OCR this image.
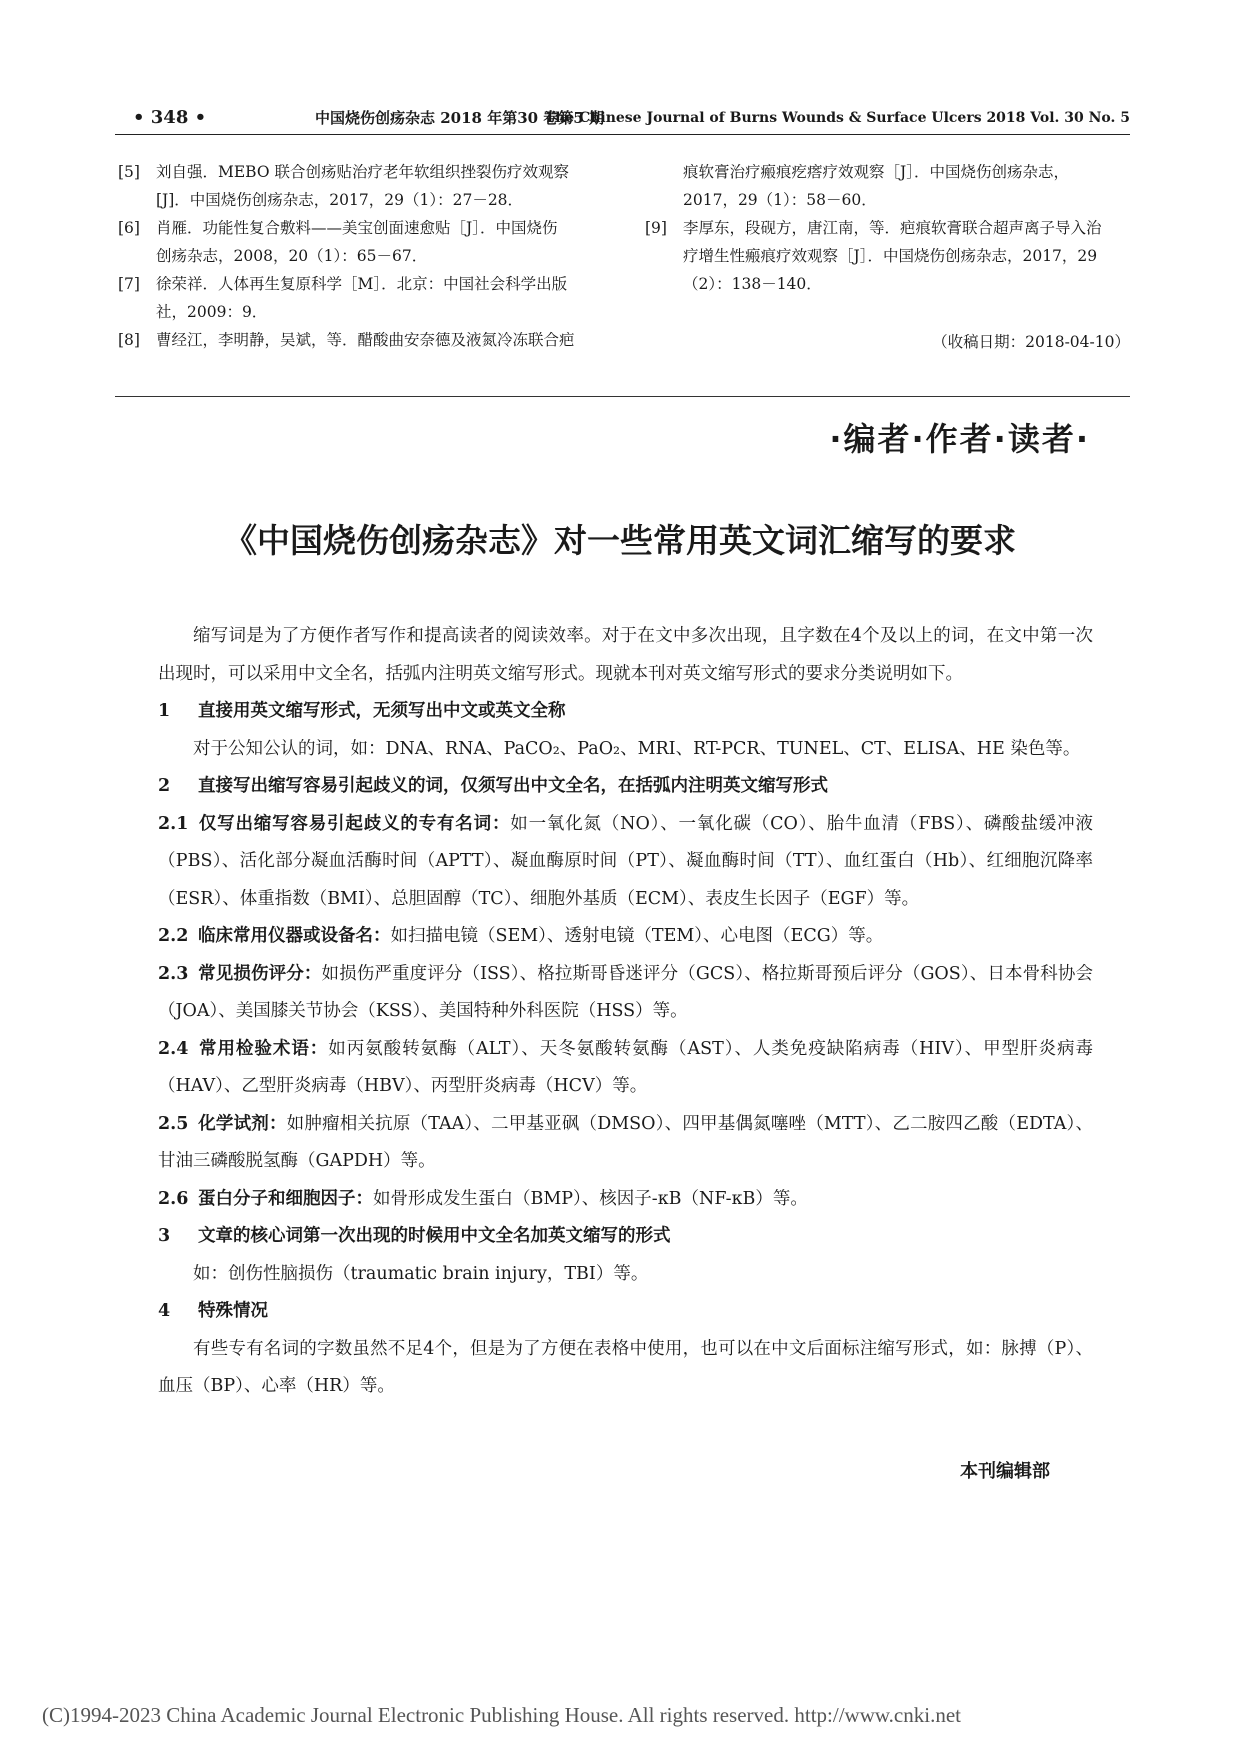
• 348 •	中国烧伤创疡杂志 2018 年第30 卷第5 期
The Chinese Journal of Burns Wounds & Surface Ulcers 2018 Vol. 30 No. 5

[5] 刘自强．MEBO 联合创疡贴治疗老年软组织挫裂伤疗效观察

[J]．中国烧伤创疡杂志，2017，29（1）：27－28．

[6] 肖雁．功能性复合敷料——美宝创面速愈贴［J］．中国烧伤

创疡杂志，2008，20（1）：65－67．

[7] 徐荣祥．人体再生复原科学［M］．北京：中国社会科学出版

社，2009：9．

[8] 曹经江，李明静，吴斌，等．醋酸曲安奈德及液氮冷冻联合疤

痕软膏治疗瘢痕疙瘩疗效观察［J］．中国烧伤创疡杂志，

2017，29（1）：58－60．

[9] 李厚东，段砚方，唐江南，等．疤痕软膏联合超声离子导入治

疗增生性瘢痕疗效观察［J］．中国烧伤创疡杂志，2017，29

（2）：138－140．

（收稿日期：2018-04-10）
·编者·作者·读者·
《中国烧伤创疡杂志》对一些常用英文词汇缩写的要求

缩写词是为了方便作者写作和提高读者的阅读效率。对于在文中多次出现，且字数在4个及以上的词，在文中第一次出现时，可以采用中文全名，括弧内注明英文缩写形式。现就本刊对英文缩写形式的要求分类说明如下。

1 直接用英文缩写形式，无须写出中文或英文全称

对于公知公认的词，如：DNA、RNA、PaCO₂、PaO₂、MRI、RT-PCR、TUNEL、CT、ELISA、HE 染色等。

2 直接写出缩写容易引起歧义的词，仅须写出中文全名，在括弧内注明英文缩写形式

2.1 仅写出缩写容易引起歧义的专有名词：如一氧化氮（NO）、一氧化碳（CO）、胎牛血清（FBS）、磷酸盐缓冲液（PBS）、活化部分凝血活酶时间（APTT）、凝血酶原时间（PT）、凝血酶时间（TT）、血红蛋白（Hb）、红细胞沉降率（ESR）、体重指数（BMI）、总胆固醇（TC）、细胞外基质（ECM）、表皮生长因子（EGF）等。

2.2 临床常用仪器或设备名：如扫描电镜（SEM）、透射电镜（TEM）、心电图（ECG）等。

2.3 常见损伤评分：如损伤严重度评分（ISS）、格拉斯哥昏迷评分（GCS）、格拉斯哥预后评分（GOS）、日本骨科协会（JOA）、美国膝关节协会（KSS）、美国特种外科医院（HSS）等。

2.4 常用检验术语：如丙氨酸转氨酶（ALT）、天冬氨酸转氨酶（AST）、人类免疫缺陷病毒（HIV）、甲型肝炎病毒（HAV）、乙型肝炎病毒（HBV）、丙型肝炎病毒（HCV）等。

2.5 化学试剂：如肿瘤相关抗原（TAA）、二甲基亚砜（DMSO）、四甲基偶氮噻唑（MTT）、乙二胺四乙酸（EDTA）、甘油三磷酸脱氢酶（GAPDH）等。

2.6 蛋白分子和细胞因子：如骨形成发生蛋白（BMP）、核因子-κB（NF-κB）等。

3 文章的核心词第一次出现的时候用中文全名加英文缩写的形式

如：创伤性脑损伤（traumatic brain injury，TBI）等。

4 特殊情况

有些专有名词的字数虽然不足4个，但是为了方便在表格中使用，也可以在中文后面标注缩写形式，如：脉搏（P）、血压（BP）、心率（HR）等。

本刊编辑部
(C)1994-2023 China Academic Journal Electronic Publishing House. All rights reserved. http://www.cnki.net
